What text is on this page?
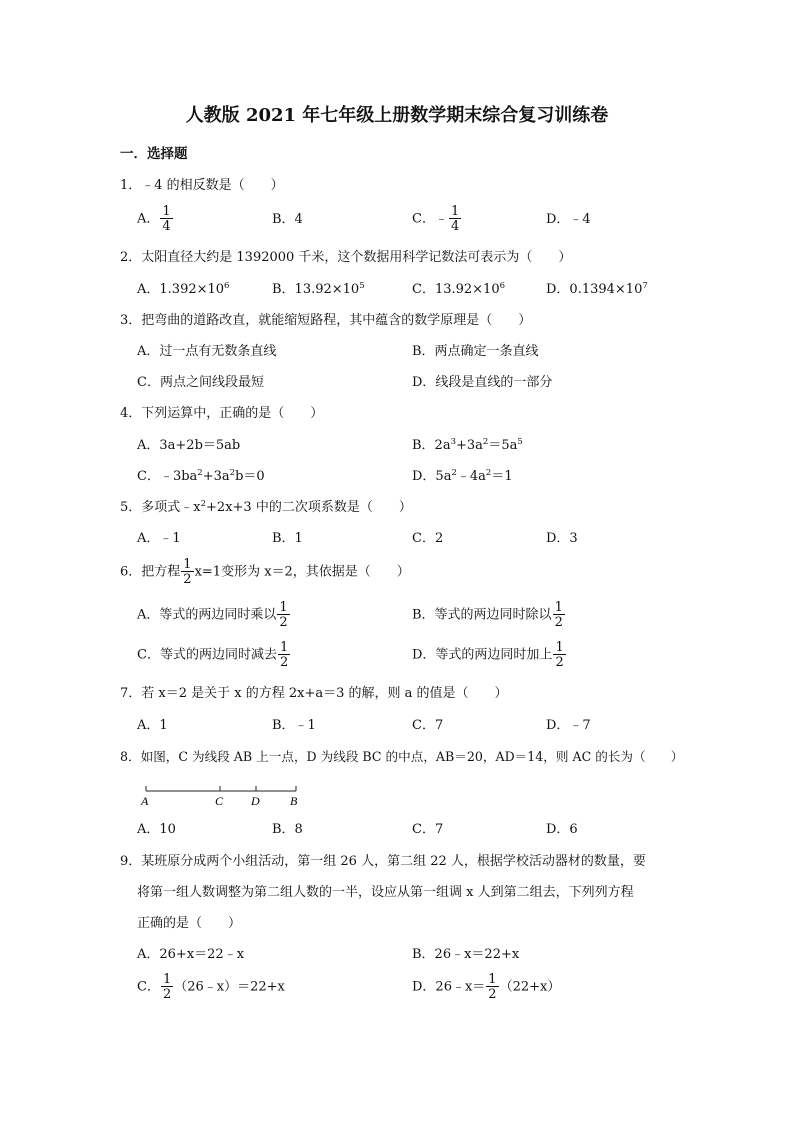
人教版 2021 年七年级上册数学期末综合复习训练卷
一．选择题
1．﹣4 的相反数是（　　）
A． $\frac{1}{4}$	B．4	C．﹣ $\frac{1}{4}$	D．﹣4
2．太阳直径大约是 1392000 千米，这个数据用科学记数法可表示为（　　）
A．$1.392\times 10^6$	B．$13.92\times 10^5$	C．$13.92\times 10^6$	D．$0.1394\times 10^7$
3．把弯曲的道路改直，就能缩短路程，其中蕴含的数学原理是（　　）
A．过一点有无数条直线	B．两点确定一条直线
C．两点之间线段最短	D．线段是直线的一部分
4．下列运算中，正确的是（　　）
A．3a+2b＝5ab	B．$2a^3+3a^2=5a^5$
C．$﹣3ba^2+3a^2b=0$	D．$5a^2﹣4a^2=1$
5．多项式$﹣x^2+2x+3$ 中的二次项系数是（　　）
A．﹣1	B．1	C．2	D．3
6．把方程 $\frac{1}{2} x=1$变形为 x＝2，其依据是（　　）
A．等式的两边同时乘以 $\frac{1}{2}$	B．等式的两边同时除以 $\frac{1}{2}$
C．等式的两边同时减去 $\frac{1}{2}$	D．等式的两边同时加上 $\frac{1}{2}$
7．若 x＝2 是关于 x 的方程 2x+a＝3 的解，则 a 的值是（　　）
A．1	B．﹣1	C．7	D．﹣7
8．如图，C 为线段 AB 上一点，D 为线段 BC 的中点，AB＝20，AD＝14，则 AC 的长为（　　）
A	C D	B
A．10	B．8	C．7	D．6
9．某班原分成两个小组活动，第一组 26 人，第二组 22 人，根据学校活动器材的数量，要
将第一组人数调整为第二组人数的一半，设应从第一组调 x 人到第二组去，下列列方程
正确的是（　　）
A．26+x＝22﹣x	B．26﹣x＝22+x
C． $\frac{1}{2}$ （26﹣x）＝22+x	D．26﹣x＝ $\frac{1}{2} (22+x)$
